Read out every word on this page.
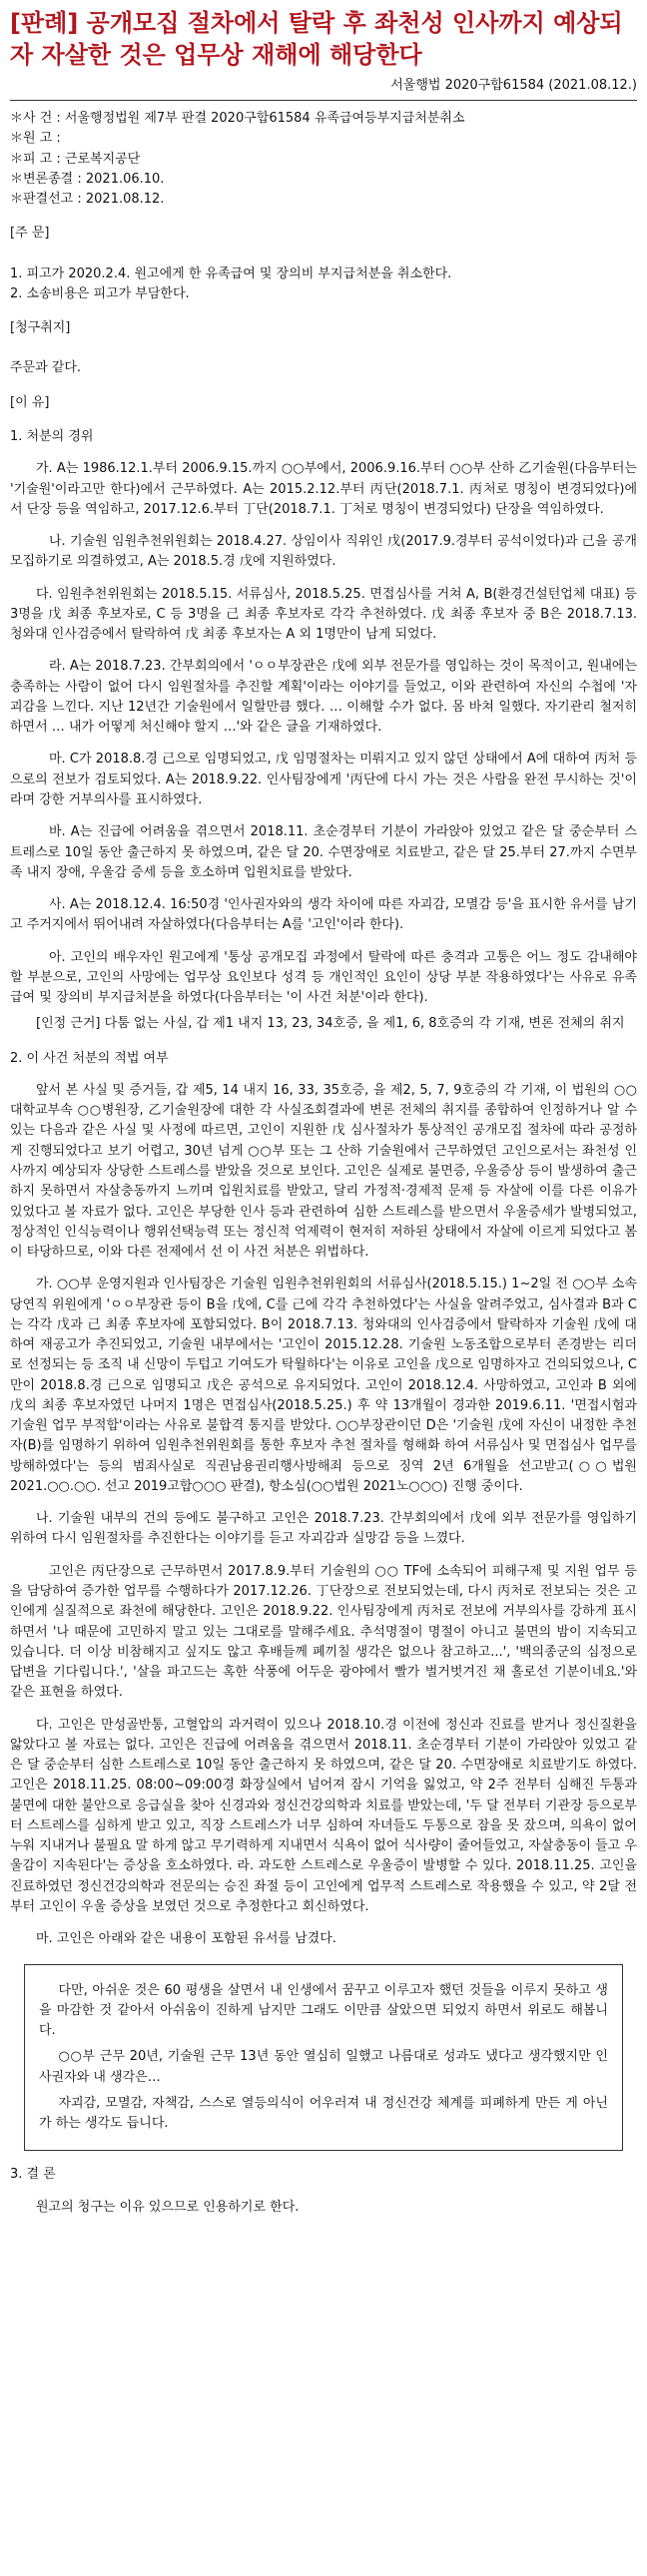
[판례] 공개모집 절차에서 탈락 후 좌천성 인사까지 예상되자 자살한 것은 업무상 재해에 해당한다
서울행법 2020구합61584 (2021.08.12.)
＊사 건 : 서울행정법원 제7부 판결 2020구합61584 유족급여등부지급처분취소
＊원 고 :
＊피 고 : 근로복지공단
＊변론종결 : 2021.06.10.
＊판결선고 : 2021.08.12.

[주 문]

1. 피고가 2020.2.4. 원고에게 한 유족급여 및 장의비 부지급처분을 취소한다.

2. 소송비용은 피고가 부담한다.

[청구취지]

주문과 같다.

[이 유]

1. 처분의 경위

가. A는 1986.12.1.부터 2006.9.15.까지 ○○부에서, 2006.9.16.부터 ○○부 산하 乙기술원(다음부터는 '기술원'이라고만 한다)에서 근무하였다. A는 2015.2.12.부터 丙단(2018.7.1. 丙처로 명칭이 변경되었다)에서 단장 등을 역임하고, 2017.12.6.부터 丁단(2018.7.1. 丁처로 명칭이 변경되었다) 단장을 역임하였다.

나. 기술원 임원추천위원회는 2018.4.27. 상임이사 직위인 戊(2017.9.경부터 공석이었다)과 己을 공개모집하기로 의결하였고, A는 2018.5.경 戊에 지원하였다.

다. 임원추천위원회는 2018.5.15. 서류심사, 2018.5.25. 면접심사를 거쳐 A, B(환경건설턴업체 대표) 등 3명을 戊 최종 후보자로, C 등 3명을 己 최종 후보자로 각각 추천하였다. 戊 최종 후보자 중 B은 2018.7.13. 청와대 인사검증에서 탈락하여 戊 최종 후보자는 A 외 1명만이 남게 되었다.

라. A는 2018.7.23. 간부회의에서 'ㅇㅇ부장관은 戊에 외부 전문가를 영입하는 것이 목적이고, 원내에는 충족하는 사람이 없어 다시 임원절차를 추진할 계획'이라는 이야기를 들었고, 이와 관련하여 자신의 수첩에 '자괴감을 느낀다. 지난 12년간 기술원에서 일할만큼 했다. … 이해할 수가 없다. 몸 바쳐 일했다. 자기관리 철저히 하면서 … 내가 어떻게 처신해야 할지 …'와 같은 글을 기재하였다.

마. C가 2018.8.경 己으로 임명되었고, 戊 임명절차는 미뤄지고 있지 않던 상태에서 A에 대하여 丙처 등으로의 전보가 검토되었다. A는 2018.9.22. 인사팀장에게 '丙단에 다시 가는 것은 사람을 완전 무시하는 것'이라며 강한 거부의사를 표시하였다.

바. A는 진급에 어려움을 겪으면서 2018.11. 초순경부터 기분이 가라앉아 있었고 같은 달 중순부터 스트레스로 10일 동안 출근하지 못 하였으며, 같은 달 20. 수면장애로 치료받고, 같은 달 25.부터 27.까지 수면부족 내지 장애, 우울감 증세 등을 호소하며 입원치료를 받았다.

사. A는 2018.12.4. 16:50경 '인사권자와의 생각 차이에 따른 자괴감, 모멸감 등'을 표시한 유서를 남기고 주거지에서 뛰어내려 자살하였다(다음부터는 A를 '고인'이라 한다).

아. 고인의 배우자인 원고에게 '통상 공개모집 과정에서 탈락에 따른 충격과 고통은 어느 정도 감내해야 할 부분으로, 고인의 사망에는 업무상 요인보다 성격 등 개인적인 요인이 상당 부분 작용하였다'는 사유로 유족급여 및 장의비 부지급처분을 하였다(다음부터는 '이 사건 처분'이라 한다).

[인정 근거] 다툼 없는 사실, 갑 제1 내지 13, 23, 34호증, 을 제1, 6, 8호증의 각 기재, 변론 전체의 취지

2. 이 사건 처분의 적법 여부

앞서 본 사실 및 증거들, 갑 제5, 14 내지 16, 33, 35호증, 을 제2, 5, 7, 9호증의 각 기재, 이 법원의 ○○대학교부속 ○○병원장, 乙기술원장에 대한 각 사실조회결과에 변론 전체의 취지를 종합하여 인정하거나 알 수 있는 다음과 같은 사실 및 사정에 따르면, 고인이 지원한 戊 심사절차가 통상적인 공개모집 절차에 따라 공정하게 진행되었다고 보기 어렵고, 30년 넘게 ○○부 또는 그 산하 기술원에서 근무하였던 고인으로서는 좌천성 인사까지 예상되자 상당한 스트레스를 받았을 것으로 보인다. 고인은 실제로 불면증, 우울증상 등이 발생하여 출근하지 못하면서 자살충동까지 느끼며 입원치료를 받았고, 달리 가정적·경제적 문제 등 자살에 이를 다른 이유가 있었다고 볼 자료가 없다. 고인은 부당한 인사 등과 관련하여 심한 스트레스를 받으면서 우울증세가 발병되었고, 정상적인 인식능력이나 행위선택능력 또는 정신적 억제력이 현저히 저하된 상태에서 자살에 이르게 되었다고 봄이 타당하므로, 이와 다른 전제에서 선 이 사건 처분은 위법하다.

가. ○○부 운영지원과 인사팀장은 기술원 임원추천위원회의 서류심사(2018.5.15.) 1~2일 전 ○○부 소속 당연직 위원에게 'ㅇㅇ부장관 등이 B을 戊에, C를 己에 각각 추천하였다'는 사실을 알려주었고, 심사결과 B과 C는 각각 戊과 己 최종 후보자에 포함되었다. B이 2018.7.13. 청와대의 인사검증에서 탈락하자 기술원 戊에 대하여 재공고가 추진되었고, 기술원 내부에서는 '고인이 2015.12.28. 기술원 노동조합으로부터 존경받는 리더로 선정되는 등 조직 내 신망이 두텁고 기여도가 탁월하다'는 이유로 고인을 戊으로 임명하자고 건의되었으나, C만이 2018.8.경 己으로 임명되고 戊은 공석으로 유지되었다. 고인이 2018.12.4. 사망하였고, 고인과 B 외에 戊의 최종 후보자였던 나머지 1명은 면접심사(2018.5.25.) 후 약 13개월이 경과한 2019.6.11. '면접시험과 기술원 업무 부적합'이라는 사유로 불합격 통지를 받았다. ○○부장관이던 D은 '기술원 戊에 자신이 내정한 추천자(B)를 임명하기 위하여 임원추천위원회를 통한 후보자 추천 절차를 형해화 하여 서류심사 및 면접심사 업무를 방해하였다'는 등의 범죄사실로 직권남용권리행사방해죄 등으로 징역 2년 6개월을 선고받고(○○법원 2021.○○.○○. 선고 2019고합○○○ 판결), 항소심(○○법원 2021노○○○) 진행 중이다.

나. 기술원 내부의 건의 등에도 불구하고 고인은 2018.7.23. 간부회의에서 戊에 외부 전문가를 영입하기 위하여 다시 임원절차를 추진한다는 이야기를 듣고 자괴감과 실망감 등을 느꼈다.

고인은 丙단장으로 근무하면서 2017.8.9.부터 기술원의 ○○ TF에 소속되어 피해구제 및 지원 업무 등을 담당하여 증가한 업무를 수행하다가 2017.12.26. 丁단장으로 전보되었는데, 다시 丙처로 전보되는 것은 고인에게 실질적으로 좌천에 해당한다. 고인은 2018.9.22. 인사팀장에게 丙처로 전보에 거부의사를 강하게 표시하면서 '나 때문에 고민하지 말고 있는 그대로를 말해주세요. 추석명절이 명절이 아니고 불면의 밤이 지속되고 있습니다. 더 이상 비참해지고 싶지도 않고 후배들께 폐끼칠 생각은 없으나 참고하고...', '백의종군의 심정으로 답변을 기다립니다.', '살을 파고드는 혹한 삭풍에 어두운 광야에서 빨가 벌거벗겨진 채 홀로선 기분이네요.'와 같은 표현을 하였다.

다. 고인은 만성골반통, 고혈압의 과거력이 있으나 2018.10.경 이전에 정신과 진료를 받거나 정신질환을 앓았다고 볼 자료는 없다. 고인은 진급에 어려움을 겪으면서 2018.11. 초순경부터 기분이 가라앉아 있었고 같은 달 중순부터 심한 스트레스로 10일 동안 출근하지 못 하였으며, 같은 달 20. 수면장애로 치료받기도 하였다. 고인은 2018.11.25. 08:00~09:00경 화장실에서 넘어져 잠시 기억을 잃었고, 약 2주 전부터 심해진 두통과 불면에 대한 불안으로 응급실을 찾아 신경과와 정신건강의학과 치료를 받았는데, '두 달 전부터 기관장 등으로부터 스트레스를 심하게 받고 있고, 직장 스트레스가 너무 심하여 자녀들도 두통으로 잠을 못 잤으며, 의욕이 없어 누워 지내거나 불필요 말 하게 않고 무기력하게 지내면서 식욕이 없어 식사량이 줄어들었고, 자살충동이 들고 우울감이 지속된다'는 증상을 호소하였다. 라. 과도한 스트레스로 우울증이 발병할 수 있다. 2018.11.25. 고인을 진료하였던 정신건강의학과 전문의는 승진 좌절 등이 고인에게 업무적 스트레스로 작용했을 수 있고, 약 2달 전부터 고인이 우울 증상을 보였던 것으로 추정한다고 회신하였다.

마. 고인은 아래와 같은 내용이 포함된 유서를 남겼다.

다만, 아쉬운 것은 60 평생을 살면서 내 인생에서 꿈꾸고 이루고자 했던 것들을 이루지 못하고 생을 마감한 것 같아서 아쉬움이 진하게 남지만 그래도 이만큼 살았으면 되었지 하면서 위로도 해봅니다.

○○부 근무 20년, 기술원 근무 13년 동안 열심히 일했고 나름대로 성과도 냈다고 생각했지만 인사권자와 내 생각은…

자괴감, 모멸감, 자책감, 스스로 열등의식이 어우러져 내 정신건강 체계를 피폐하게 만든 게 아닌가 하는 생각도 듭니다.

3. 결 론

원고의 청구는 이유 있으므로 인용하기로 한다.
